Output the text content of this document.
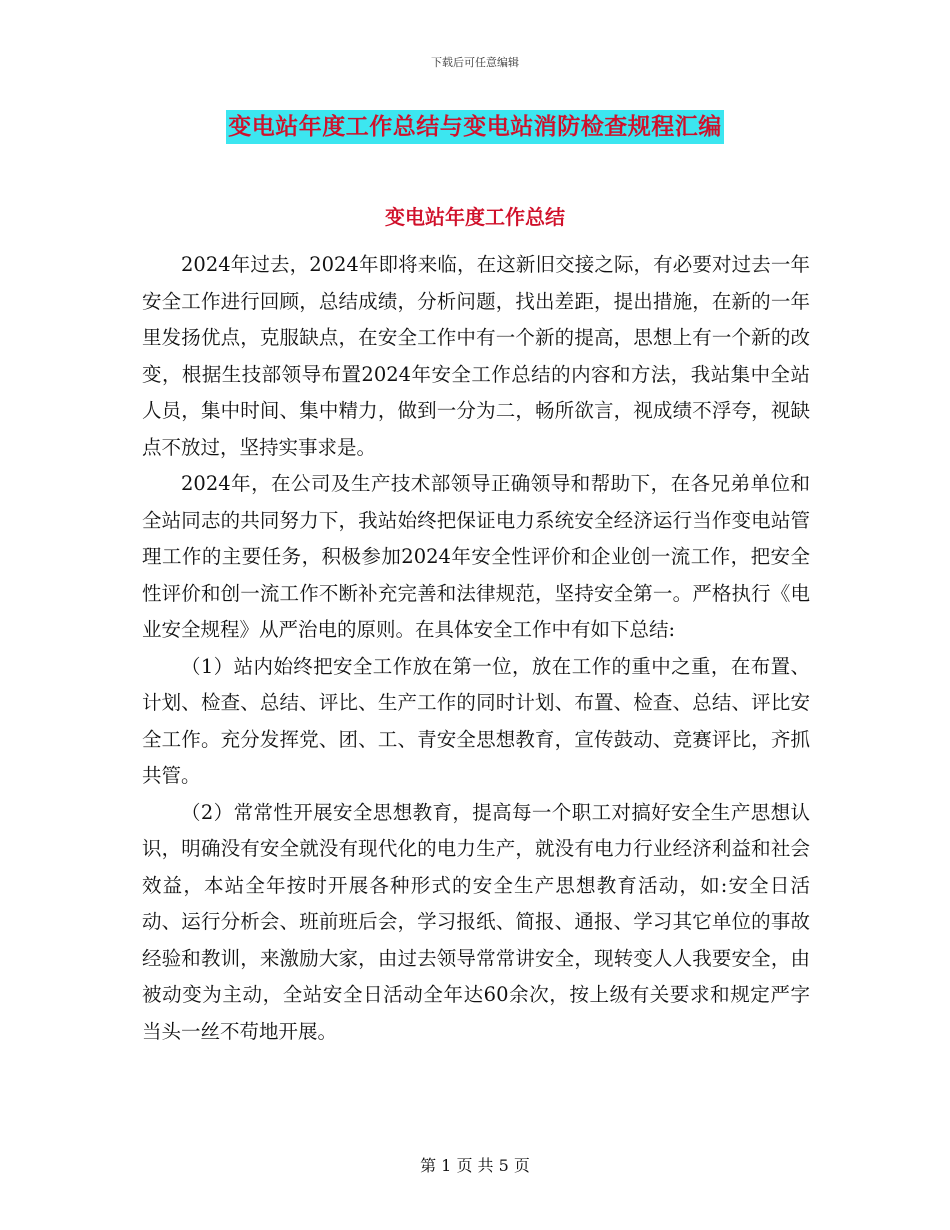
下载后可任意编辑
变电站年度工作总结与变电站消防检查规程汇编
变电站年度工作总结

2024年过去，2024年即将来临，在这新旧交接之际，有必要对过去一年安全工作进行回顾，总结成绩，分析问题，找出差距，提出措施，在新的一年里发扬优点，克服缺点，在安全工作中有一个新的提高，思想上有一个新的改变，根据生技部领导布置2024年安全工作总结的内容和方法，我站集中全站人员，集中时间、集中精力，做到一分为二，畅所欲言，视成绩不浮夸，视缺点不放过，坚持实事求是。

2024年，在公司及生产技术部领导正确领导和帮助下，在各兄弟单位和全站同志的共同努力下，我站始终把保证电力系统安全经济运行当作变电站管理工作的主要任务，积极参加2024年安全性评价和企业创一流工作，把安全性评价和创一流工作不断补充完善和法律规范，坚持安全第一。严格执行《电业安全规程》从严治电的原则。在具体安全工作中有如下总结:

（1）站内始终把安全工作放在第一位，放在工作的重中之重，在布置、计划、检查、总结、评比、生产工作的同时计划、布置、检查、总结、评比安全工作。充分发挥党、团、工、青安全思想教育，宣传鼓动、竞赛评比，齐抓共管。

（2）常常性开展安全思想教育，提高每一个职工对搞好安全生产思想认识，明确没有安全就没有现代化的电力生产，就没有电力行业经济利益和社会效益，本站全年按时开展各种形式的安全生产思想教育活动，如:安全日活动、运行分析会、班前班后会，学习报纸、简报、通报、学习其它单位的事故经验和教训，来激励大家，由过去领导常常讲安全，现转变人人我要安全，由被动变为主动，全站安全日活动全年达60余次，按上级有关要求和规定严字当头一丝不苟地开展。

第 1 页 共 5 页
